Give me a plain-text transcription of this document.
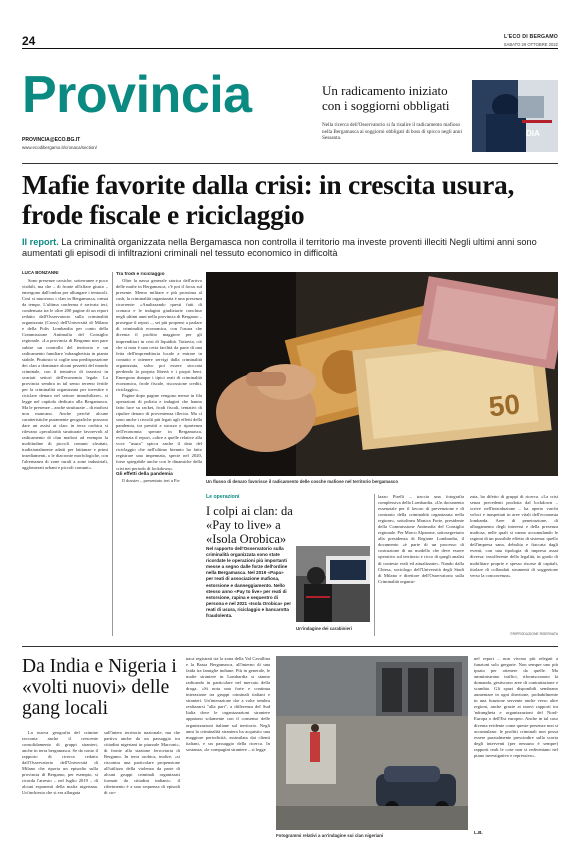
24	L'ECO DI BERGAMO
SABATO 29 OTTOBRE 2022
Provincia
PROVINCIA@ECO.BG.IT
www.ecodibergamo.it/cronaca/section/
Un radicamento iniziato con i soggiorni obbligati
Nella ricerca dell'Osservatorio si fa risalire il radicamento mafioso nella Bergamasca ai soggiorni obbligati di boss di spicco negli anni Sessanta.
DIA
Mafie favorite dalla crisi: in crescita usura, frode fiscale e riciclaggio
Il report. La criminalità organizzata nella Bergamasca non controlla il territorio ma investe proventi illeciti Negli ultimi anni sono aumentati gli episodi di infiltrazioni criminali nel tessuto economico in difficoltà
LUCA BONZANNI

Sono presenze carsiche, sotterranee e poco visibili, ma che – di fronte all'affare giusto – emergono dall'ombra per allungare i tentacoli. Così si muovono i clan in Bergamasca, ormai da tempo. L'ultima conferma è arrivata ieri, condensata tra le oltre 200 pagine di un report redatto dall'Osservatorio sulla criminalità organizzata (Cross) dell'Università di Milano e della Polis Lombardia per conto della Commissione Antimafia del Consiglio regionale. «La provincia di Bergamo non pare subire un controllo del territorio e un radicamento familiare 'ndranghetista in pianta stabile. Piuttosto si coglie una predisposizione dei clan a dominare alcuni pezzetti del mondo criminale, con il tentativo di inserirsi in svariati settori dell'economia legale. La provincia sembra in tal senso terreno fertile per la criminalità organizzata per investire e riciclare denaro nel settore immobiliare», si legge nel capitolo dedicato alla Bergamasca. Ma le presenze – anche strutturate – di mafiosi non mancano. Anche perché alcune caratteristiche puramente geografiche possono dare un assist ai clan: in terra orobica si rilevano «peculiarità strutturate favorevoli al radicamento di clan mafiosi ad esempio la moltitudine di piccoli comuni sfruttati, tradizionalmente adatti per latitanze e primi insediamenti, o le diacronie morfologiche, con l'alternanza di zone rurali a zone industriali, agglomerati urbani e piccoli comuni».

Tra frodi e riciclaggio

Oltre la nassa generale storica dell'arrivo delle mafie in Bergamasca, c'è poi il focus sul presente. Memo militare e più prossima al cash, la criminalità organizzata è una presenza ricorrente: «Analizzando questi fatti di cronaca e le indagini giudiziarie concluse negli ultimi anni nella provincia di Bergamo – prosegue il report –, sei più propensi a parlare di criminalità economica, con l'usura che diventa il profitto maggiore per gli imprenditori in crisi di liquidità. Tuttavia, ciò che si nota è una certa facilità da parte di una fetta dell'imprenditoria locale a entrare in contatto e ottenere servigi dalla criminalità organizzata, salvo poi essere stoccata perdendo la propria libertà e i propri beni. Emergono dunque i tipici reati di criminalità economica, frode fiscale, riscossione crediti, riciclaggio».

Pagine dopo pagine vengono messe in fila operazioni di polizia e indagini che hanno fatto luce su racket, frodi fiscali, tentativi di ripulire denaro di provenienza illecita. Ma ci sono anche i risvolti più legati agli effetti della pandemia, tra prestiti a strozzo e ripartenza dell'economia sperate in Bergamasca, evidenzia il report, «oltre a quelle relative alla voce "usura" spicca anche il dato del riciclaggio che nell'ultimo biennio ha fatto registrare una impennata, specie nel 2020, forse spiegabile anche con le dinamiche della crisi nei periodo di lockdown».

Gli effetti della pandemia

Il dossier – presentato ieri a Pa-

50
Un flusso di denaro favorisce il radicamento delle cosche mafiose nel territorio bergamasco
Le operazioni
I colpi ai clan: da «Pay to live» a «Isola Orobica»
Nel rapporto dell'Osservatorio sulla criminalità organizzata sono state ricordate le operazioni più importanti messe a segno dalle forze dell'ordine nella Bergamasca. Nel 2019 «Papa» per reati di associazione mafiosa, estorsione e danneggiamento. Nello stesso anno «Pay to live» per reati di estorsione, rapina e sequestro di persona e nel 2021 «Isola Orobica» per reati di usura, riciclaggio e bancarotta fraudolenta.
Un'indagine dei carabinieri

lazzo Pirelli – traccia una fotografia complessiva della Lombardia. «Un documento essenziale per il lavoro di prevenzione e di contrasto della criminalità organizzata nella regione», sottolinea Monica Forte, presidente della Commissione Antimafia del Consiglio regionale. Per Marco Alparone, sottosegretario alla presidenza di Regione Lombardia, il documento «è parte di un processo di costruzione di un modello che deve essere operativo sul territorio e ricco di quegli analisi di contesto reali ed attualizzate». Nando dalla Chiesa, sociologo dell'Università degli Studi di Milano e direttore dell'Osservatorio sulla Criminalità organiz-

zata, ha difetto di gruppi di ricerca. «La crisi senza precedenti prodotta dal lockdown – scrive nell'introduzione – ha aperto varchi veloci e inaspettati in aree vitali dell'economia lombarda. Aree di penetrazione, di allargamento degli interessi e della presenza mafiosa, nelle quali si vanno accumulando le ragioni di un possibile effetto di sistema: quello dell'impresa sana, debolita e fiaccata dagli eventi, con una tipologia di impresa assai diversa: insofferente della legalità, in grado di mobilitare proprie e spesso risorse di capitali, titolare di collaudati strumenti di soggezione verso la concorrenza».

©RIPRODUZIONE RISERVATA
Da India e Nigeria i «volti nuovi» delle gang locali

La nuova geografia del crimine racconta anche il crescente consolidamento di gruppi stranieri, anche in terra bergamasca. Se da conto il rapporto di ricerca redatto dall'Osservatorio dell'Università di Milano che riporta un episodio sulla provincia di Bergamo, per esempio, si ricorda l'arresto – nel luglio 2019 – di alcuni esponenti della mafia nigeriana. Un'inchiesta che si era allargata

sull'intero territorio nazionale, ma che partiva anche da un passaggio tra cittadini nigeriani in piazzale Marconi», di fronte alla stazione ferroviaria di Bergamo. In terra orobica, inoltre, «si riscontra una particolare propensione all'utilizzo della violenza da parte di alcuni gruppi criminali organizzati formati da cittadini indiani»: il riferimento è a una sequenza di episodi di cro-

naca registrati tra la zona della Val Cavallina e la Bassa Bergamasca, all'interno di una faida tra famiglie indiane. Più in generale, le mafie straniere in Lombardia si stanno radicando in particolare nel mercato della droga. «Si nota una forte e continua interazione tra gruppi criminali italiani e stranieri. Un'interazione che a volte sembra realizzarsi "alla pari", a differenza del Sud Italia dove le organizzazioni straniere appaiono solamente con il consenso delle organizzazioni italiane sul territorio. Negli anni la criminalità straniera ha acquisito una maggiore periodicità, assimilata dai clienti italiani, e un passaggio della ricerca. In sostanza, «le compagini straniere – si legge

Fotogrammi relativi a un'indagine sui clan nigeriani

nel report – non vivono più relegati a funzioni solo gregarie. Non sempre uno più ipsato per ottenere da quelle. Ma amministrano traffici, rifornisconono la domanda, gestiscono aree di contrattazione e scambio. Gli spazi disponibili sembrano aumentare in ogni direzione, probabilmente in una funzione servente anche verso altre regioni, anche grazie ai nuovi rapporti tra 'ndrangheta e organizzazioni del Nord-Europa o dell'Est europeo. Anche in tal caso diventa evidente come queste presenze non si accumulano: le profitti criminali non possa essere parzialmente prescindire sulla scorta degli interventi (per nessuno è sempre) rapporti reali le cose non si rediventano nel piano investigativo e repressivo».

L.B.
